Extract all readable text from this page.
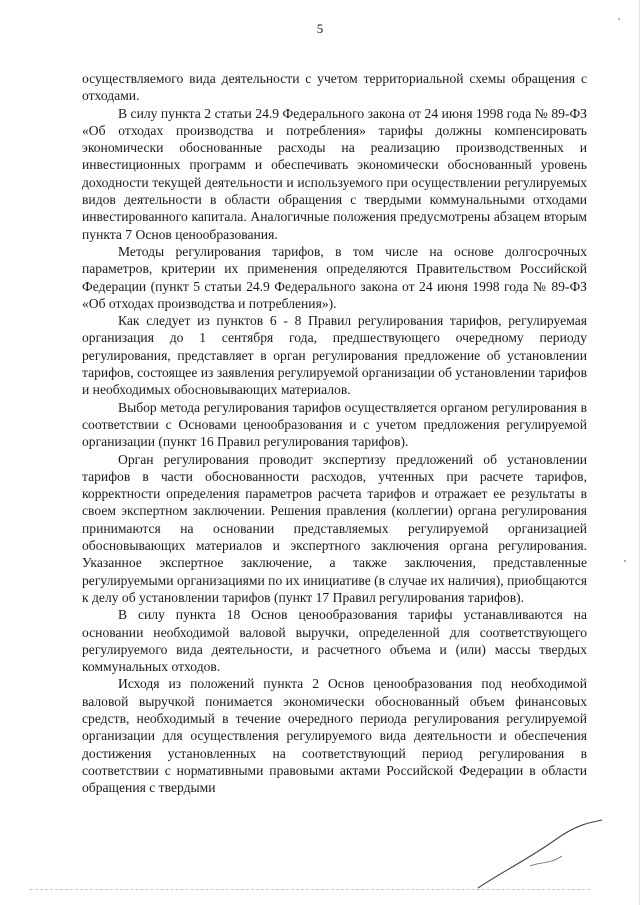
5

осуществляемого вида деятельности с учетом территориальной схемы обращения с отходами.

В силу пункта 2 статьи 24.9 Федерального закона от 24 июня 1998 года № 89-ФЗ «Об отходах производства и потребления» тарифы должны компенсировать экономически обоснованные расходы на реализацию производственных и инвестиционных программ и обеспечивать экономически обоснованный уровень доходности текущей деятельности и используемого при осуществлении регулируемых видов деятельности в области обращения с твердыми коммунальными отходами инвестированного капитала. Аналогичные положения предусмотрены абзацем вторым пункта 7 Основ ценообразования.

Методы регулирования тарифов, в том числе на основе долгосрочных параметров, критерии их применения определяются Правительством Российской Федерации (пункт 5 статьи 24.9 Федерального закона от 24 июня 1998 года № 89-ФЗ «Об отходах производства и потребления»).

Как следует из пунктов 6 - 8 Правил регулирования тарифов, регулируемая организация до 1 сентября года, предшествующего очередному периоду регулирования, представляет в орган регулирования предложение об установлении тарифов, состоящее из заявления регулируемой организации об установлении тарифов и необходимых обосновывающих материалов.

Выбор метода регулирования тарифов осуществляется органом регулирования в соответствии с Основами ценообразования и с учетом предложения регулируемой организации (пункт 16 Правил регулирования тарифов).

Орган регулирования проводит экспертизу предложений об установлении тарифов в части обоснованности расходов, учтенных при расчете тарифов, корректности определения параметров расчета тарифов и отражает ее результаты в своем экспертном заключении. Решения правления (коллегии) органа регулирования принимаются на основании представляемых регулируемой организацией обосновывающих материалов и экспертного заключения органа регулирования. Указанное экспертное заключение, а также заключения, представленные регулируемыми организациями по их инициативе (в случае их наличия), приобщаются к делу об установлении тарифов (пункт 17 Правил регулирования тарифов).

В силу пункта 18 Основ ценообразования тарифы устанавливаются на основании необходимой валовой выручки, определенной для соответствующего регулируемого вида деятельности, и расчетного объема и (или) массы твердых коммунальных отходов.

Исходя из положений пункта 2 Основ ценообразования под необходимой валовой выручкой понимается экономически обоснованный объем финансовых средств, необходимый в течение очередного периода регулирования регулируемой организации для осуществления регулируемого вида деятельности и обеспечения достижения установленных на соответствующий период регулирования в соответствии с нормативными правовыми актами Российской Федерации в области обращения с твердыми
